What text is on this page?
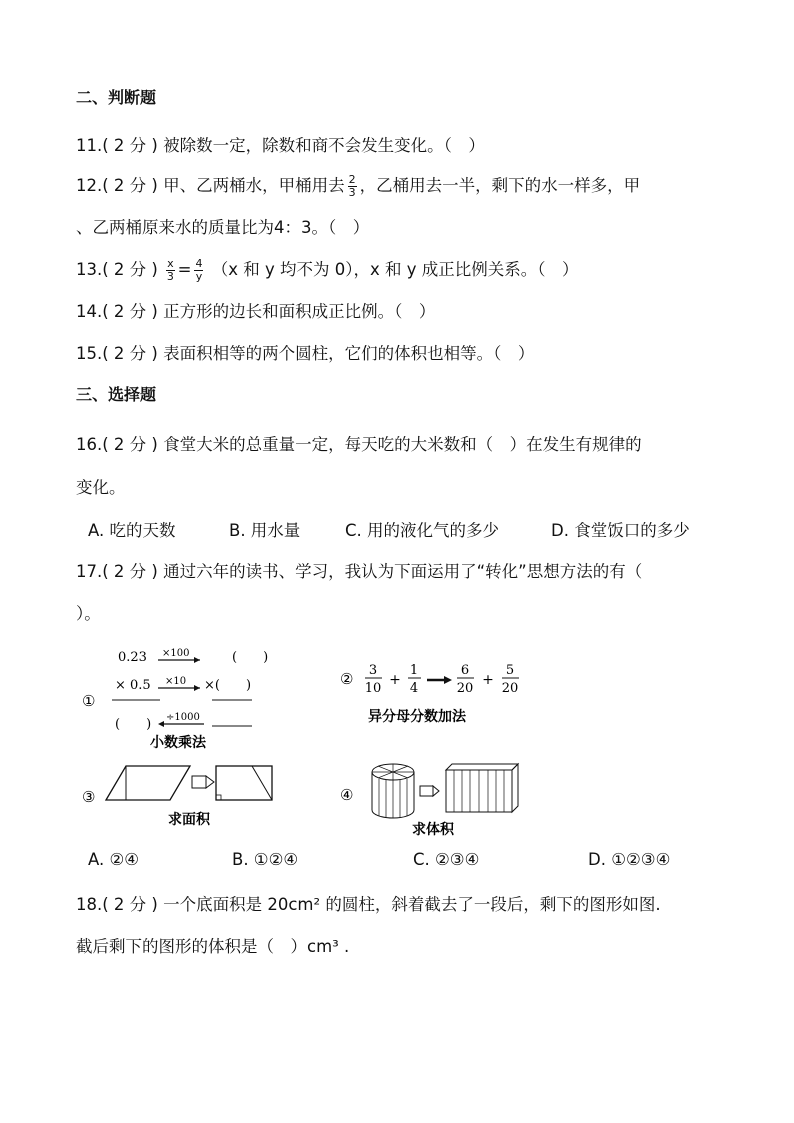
二、判断题
11.( 2 分 ) 被除数一定，除数和商不会发生变化。（　）
12.( 2 分 ) 甲、乙两桶水，甲桶用去 $\frac{2}{3}$ ，乙桶用去一半，剩下的水一样多，甲
、乙两桶原来水的质量比为4：3。（　）
13.( 2 分 ) $\frac{x}{3} = \frac{4}{y} (x$ 和 y 均不为 0），x 和 y 成正比例关系。（　）
14.( 2 分 ) 正方形的边长和面积成正比例。（　）
15.( 2 分 ) 表面积相等的两个圆柱，它们的体积也相等。（　）
三、选择题
16.( 2 分 ) 食堂大米的总重量一定，每天吃的大米数和（　）在发生有规律的
变化。
A. 吃的天数	B. 用水量	C. 用的液化气的多少	D. 食堂饭口的多少
17.( 2 分 ) 通过六年的读书、学习，我认为下面运用了“转化”思想方法的有（
）。
①
0.23 ×100	(　　)
× 0.5 ×10 ×(　　)
(　　) ÷1000
小数乘法
② 3
10
+
1
4
6
20
+
5
20
异分母分数加法
③
求面积
④
求体积
A. ②④	B. ①②④	C. ②③④	D. ①②③④
18.( 2 分 ) 一个底面积是 20cm² 的圆柱，斜着截去了一段后，剩下的图形如图.
截后剩下的图形的体积是（　）cm³ .
